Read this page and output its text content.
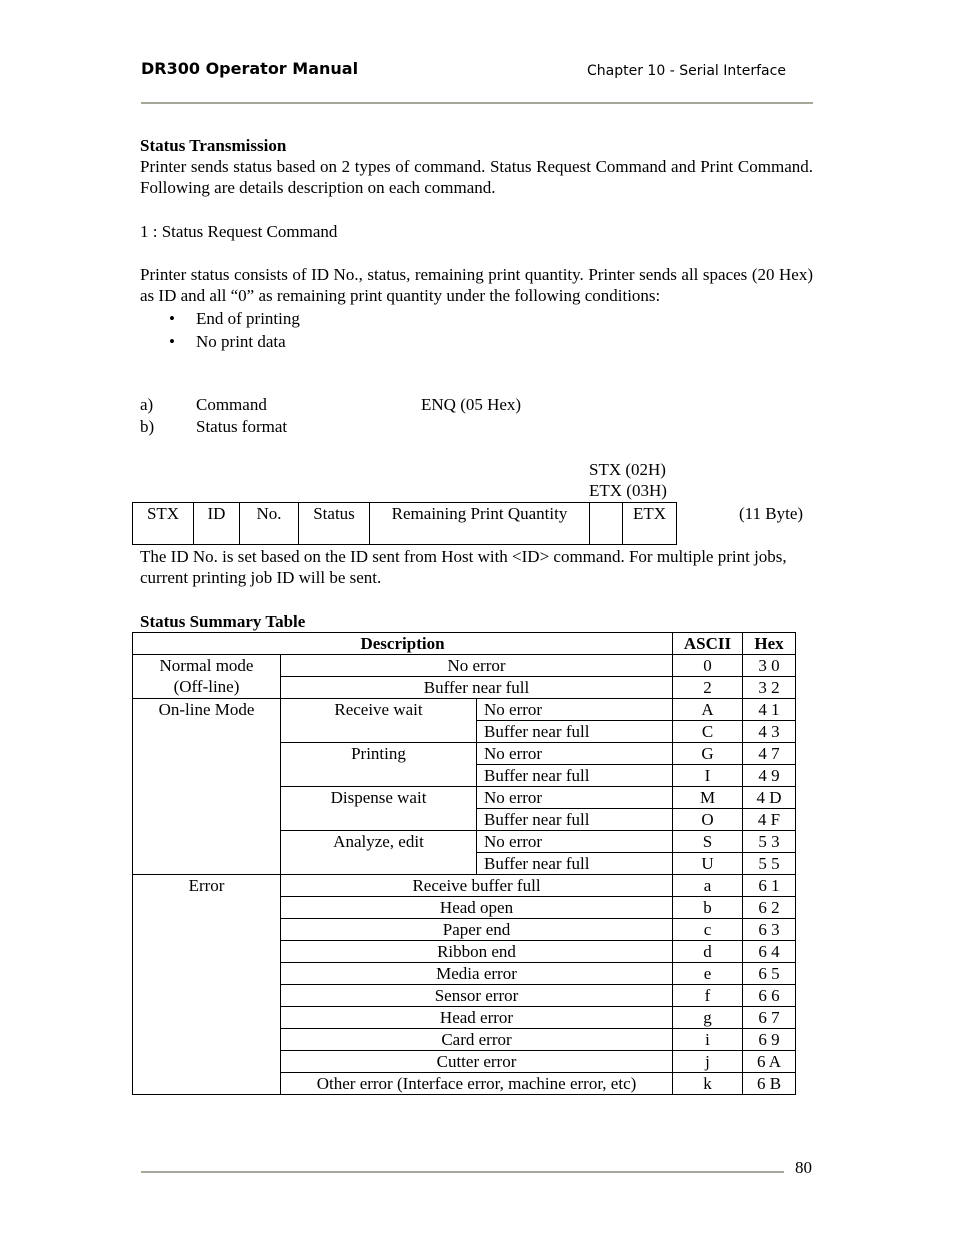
DR300 Operator Manual	Chapter 10 - Serial Interface
Status Transmission
Printer sends status based on 2 types of command. Status Request Command and Print Command. Following are details description on each command.
1 : Status Request Command
Printer status consists of ID No., status, remaining print quantity. Printer sends all spaces (20 Hex) as ID and all “0” as remaining print quantity under the following conditions:
• End of printing
• No print data
a)	Command	ENQ (05 Hex)
b) Status format
STX (02H)
ETX (03H)
STX	ID	No.	Status	Remaining Print Quantity		ETX	(11 Byte)
The ID No. is set based on the ID sent from Host with <ID> command. For multiple print jobs, current printing job ID will be sent.
Status Summary Table
Description			ASCII	Hex
Normal mode
(Off-line)	No error		0	3 0
	Buffer near full		2	3 2
On-line Mode	Receive wait	No error	A	4 1
		Buffer near full	C	4 3
	Printing	No error	G	4 7
		Buffer near full	I	4 9
	Dispense wait	No error	M	4 D
		Buffer near full	O	4 F
	Analyze, edit	No error	S	5 3
		Buffer near full	U	5 5
Error	Receive buffer full		a	6 1
	Head open		b	6 2
	Paper end		c	6 3
	Ribbon end		d	6 4
	Media error		e	6 5
	Sensor error		f	6 6
	Head error		g	6 7
	Card error		i	6 9
	Cutter error		j	6 A
	Other error (Interface error, machine error, etc)		k	6 B
80
